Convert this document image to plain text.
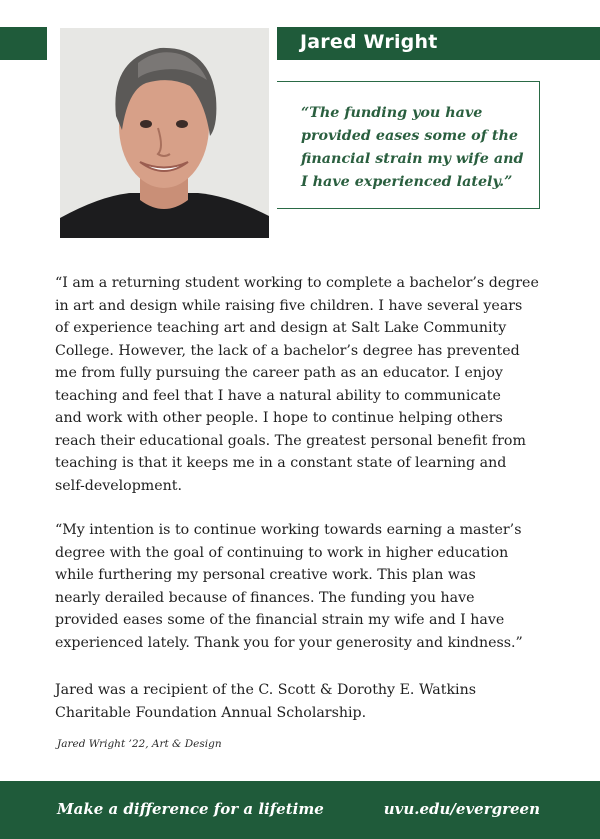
Jared Wright
“The funding you have
provided eases some of the
financial strain my wife and
I have experienced lately.”
“I am a returning student working to complete a bachelor’s degree
in art and design while raising five children. I have several years
of experience teaching art and design at Salt Lake Community
College. However, the lack of a bachelor’s degree has prevented
me from fully pursuing the career path as an educator. I enjoy
teaching and feel that I have a natural ability to communicate
and work with other people. I hope to continue helping others
reach their educational goals. The greatest personal benefit from
teaching is that it keeps me in a constant state of learning and
self-development.
“My intention is to continue working towards earning a master’s
degree with the goal of continuing to work in higher education
while furthering my personal creative work. This plan was
nearly derailed because of finances. The funding you have
provided eases some of the financial strain my wife and I have
experienced lately. Thank you for your generosity and kindness.”
Jared was a recipient of the C. Scott & Dorothy E. Watkins
Charitable Foundation Annual Scholarship.
Jared Wright ’22, Art & Design
Make a difference for a lifetime	uvu.edu/evergreen
